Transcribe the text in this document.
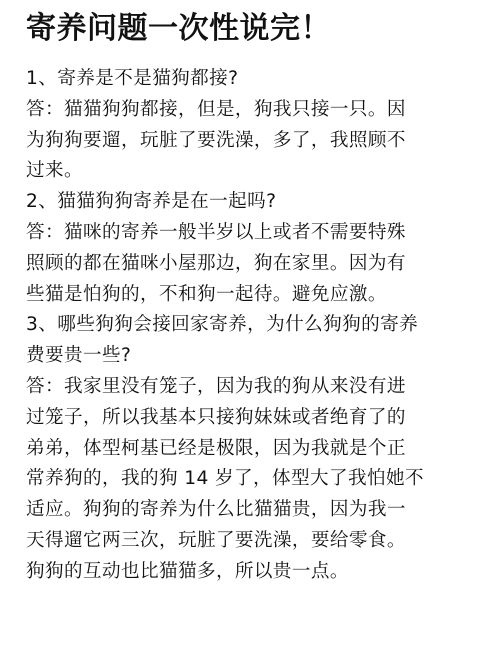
寄养问题一次性说完！
1、寄养是不是猫狗都接?
答：猫猫狗狗都接，但是，狗我只接一只。因
为狗狗要遛，玩脏了要洗澡，多了，我照顾不
过来。
2、猫猫狗狗寄养是在一起吗?
答：猫咪的寄养一般半岁以上或者不需要特殊
照顾的都在猫咪小屋那边，狗在家里。因为有
些猫是怕狗的，不和狗一起待。避免应激。
3、哪些狗狗会接回家寄养，为什么狗狗的寄养
费要贵一些?
答：我家里没有笼子，因为我的狗从来没有进
过笼子，所以我基本只接狗妹妹或者绝育了的
弟弟，体型柯基已经是极限，因为我就是个正
常养狗的，我的狗 14 岁了，体型大了我怕她不
适应。狗狗的寄养为什么比猫猫贵，因为我一
天得遛它两三次，玩脏了要洗澡，要给零食。
狗狗的互动也比猫猫多，所以贵一点。
